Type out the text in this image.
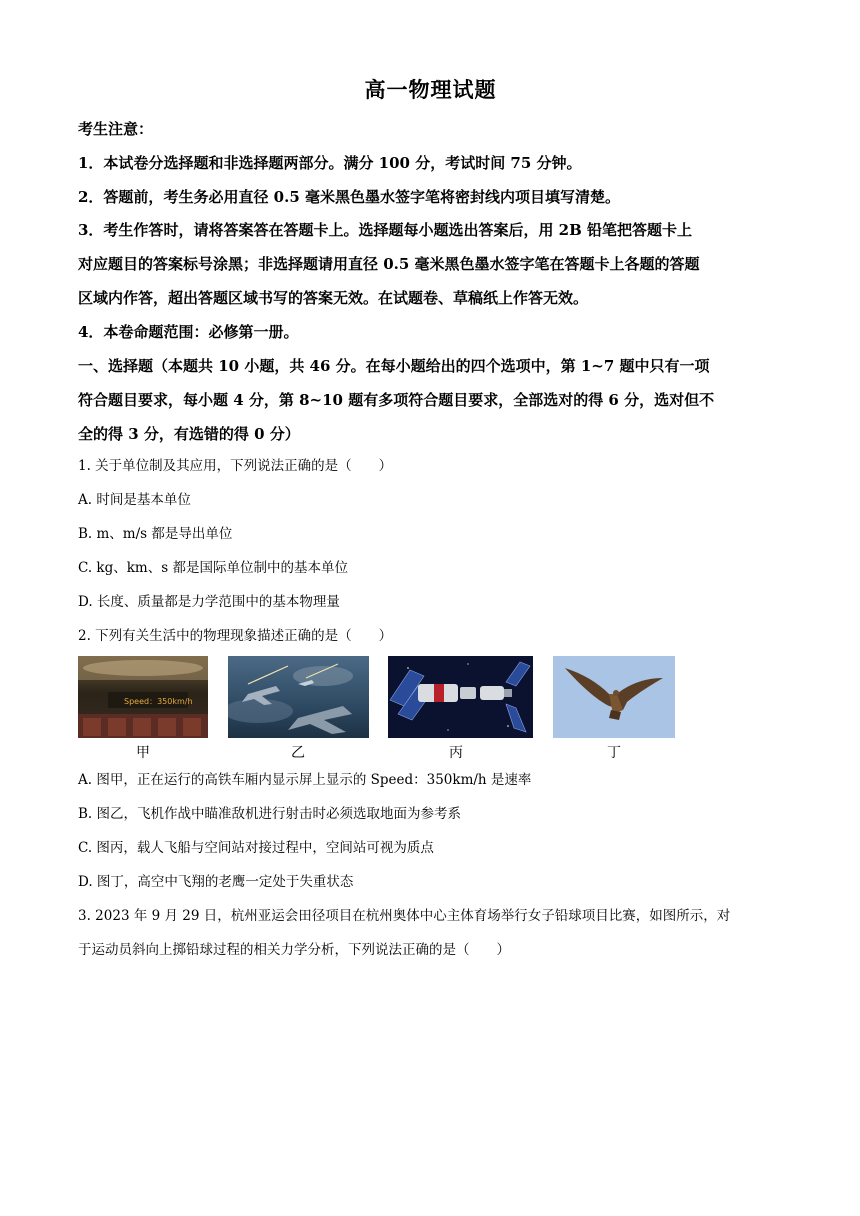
高一物理试题
考生注意：
1．本试卷分选择题和非选择题两部分。满分 100 分，考试时间 75 分钟。
2．答题前，考生务必用直径 0.5 毫米黑色墨水签字笔将密封线内项目填写清楚。
3．考生作答时，请将答案答在答题卡上。选择题每小题选出答案后，用 2B 铅笔把答题卡上
对应题目的答案标号涂黑；非选择题请用直径 0.5 毫米黑色墨水签字笔在答题卡上各题的答题
区域内作答，超出答题区域书写的答案无效。在试题卷、草稿纸上作答无效。
4．本卷命题范围：必修第一册。
一、选择题（本题共 10 小题，共 46 分。在每小题给出的四个选项中，第 1~7 题中只有一项
符合题目要求，每小题 4 分，第 8~10 题有多项符合题目要求，全部选对的得 6 分，选对但不
全的得 3 分，有选错的得 0 分）
1. 关于单位制及其应用，下列说法正确的是（　　）
A. 时间是基本单位
B. m、m/s 都是导出单位
C. kg、km、s 都是国际单位制中的基本单位
D. 长度、质量都是力学范围中的基本物理量
2. 下列有关生活中的物理现象描述正确的是（　　）
Speed：350km/h
甲	乙	丙	丁
A. 图甲，正在运行的高铁车厢内显示屏上显示的 Speed：350km/h 是速率
B. 图乙，飞机作战中瞄准敌机进行射击时必须选取地面为参考系
C. 图丙，载人飞船与空间站对接过程中，空间站可视为质点
D. 图丁，高空中飞翔的老鹰一定处于失重状态
3. 2023 年 9 月 29 日，杭州亚运会田径项目在杭州奥体中心主体育场举行女子铅球项目比赛，如图所示，对
于运动员斜向上掷铅球过程的相关力学分析，下列说法正确的是（　　）
